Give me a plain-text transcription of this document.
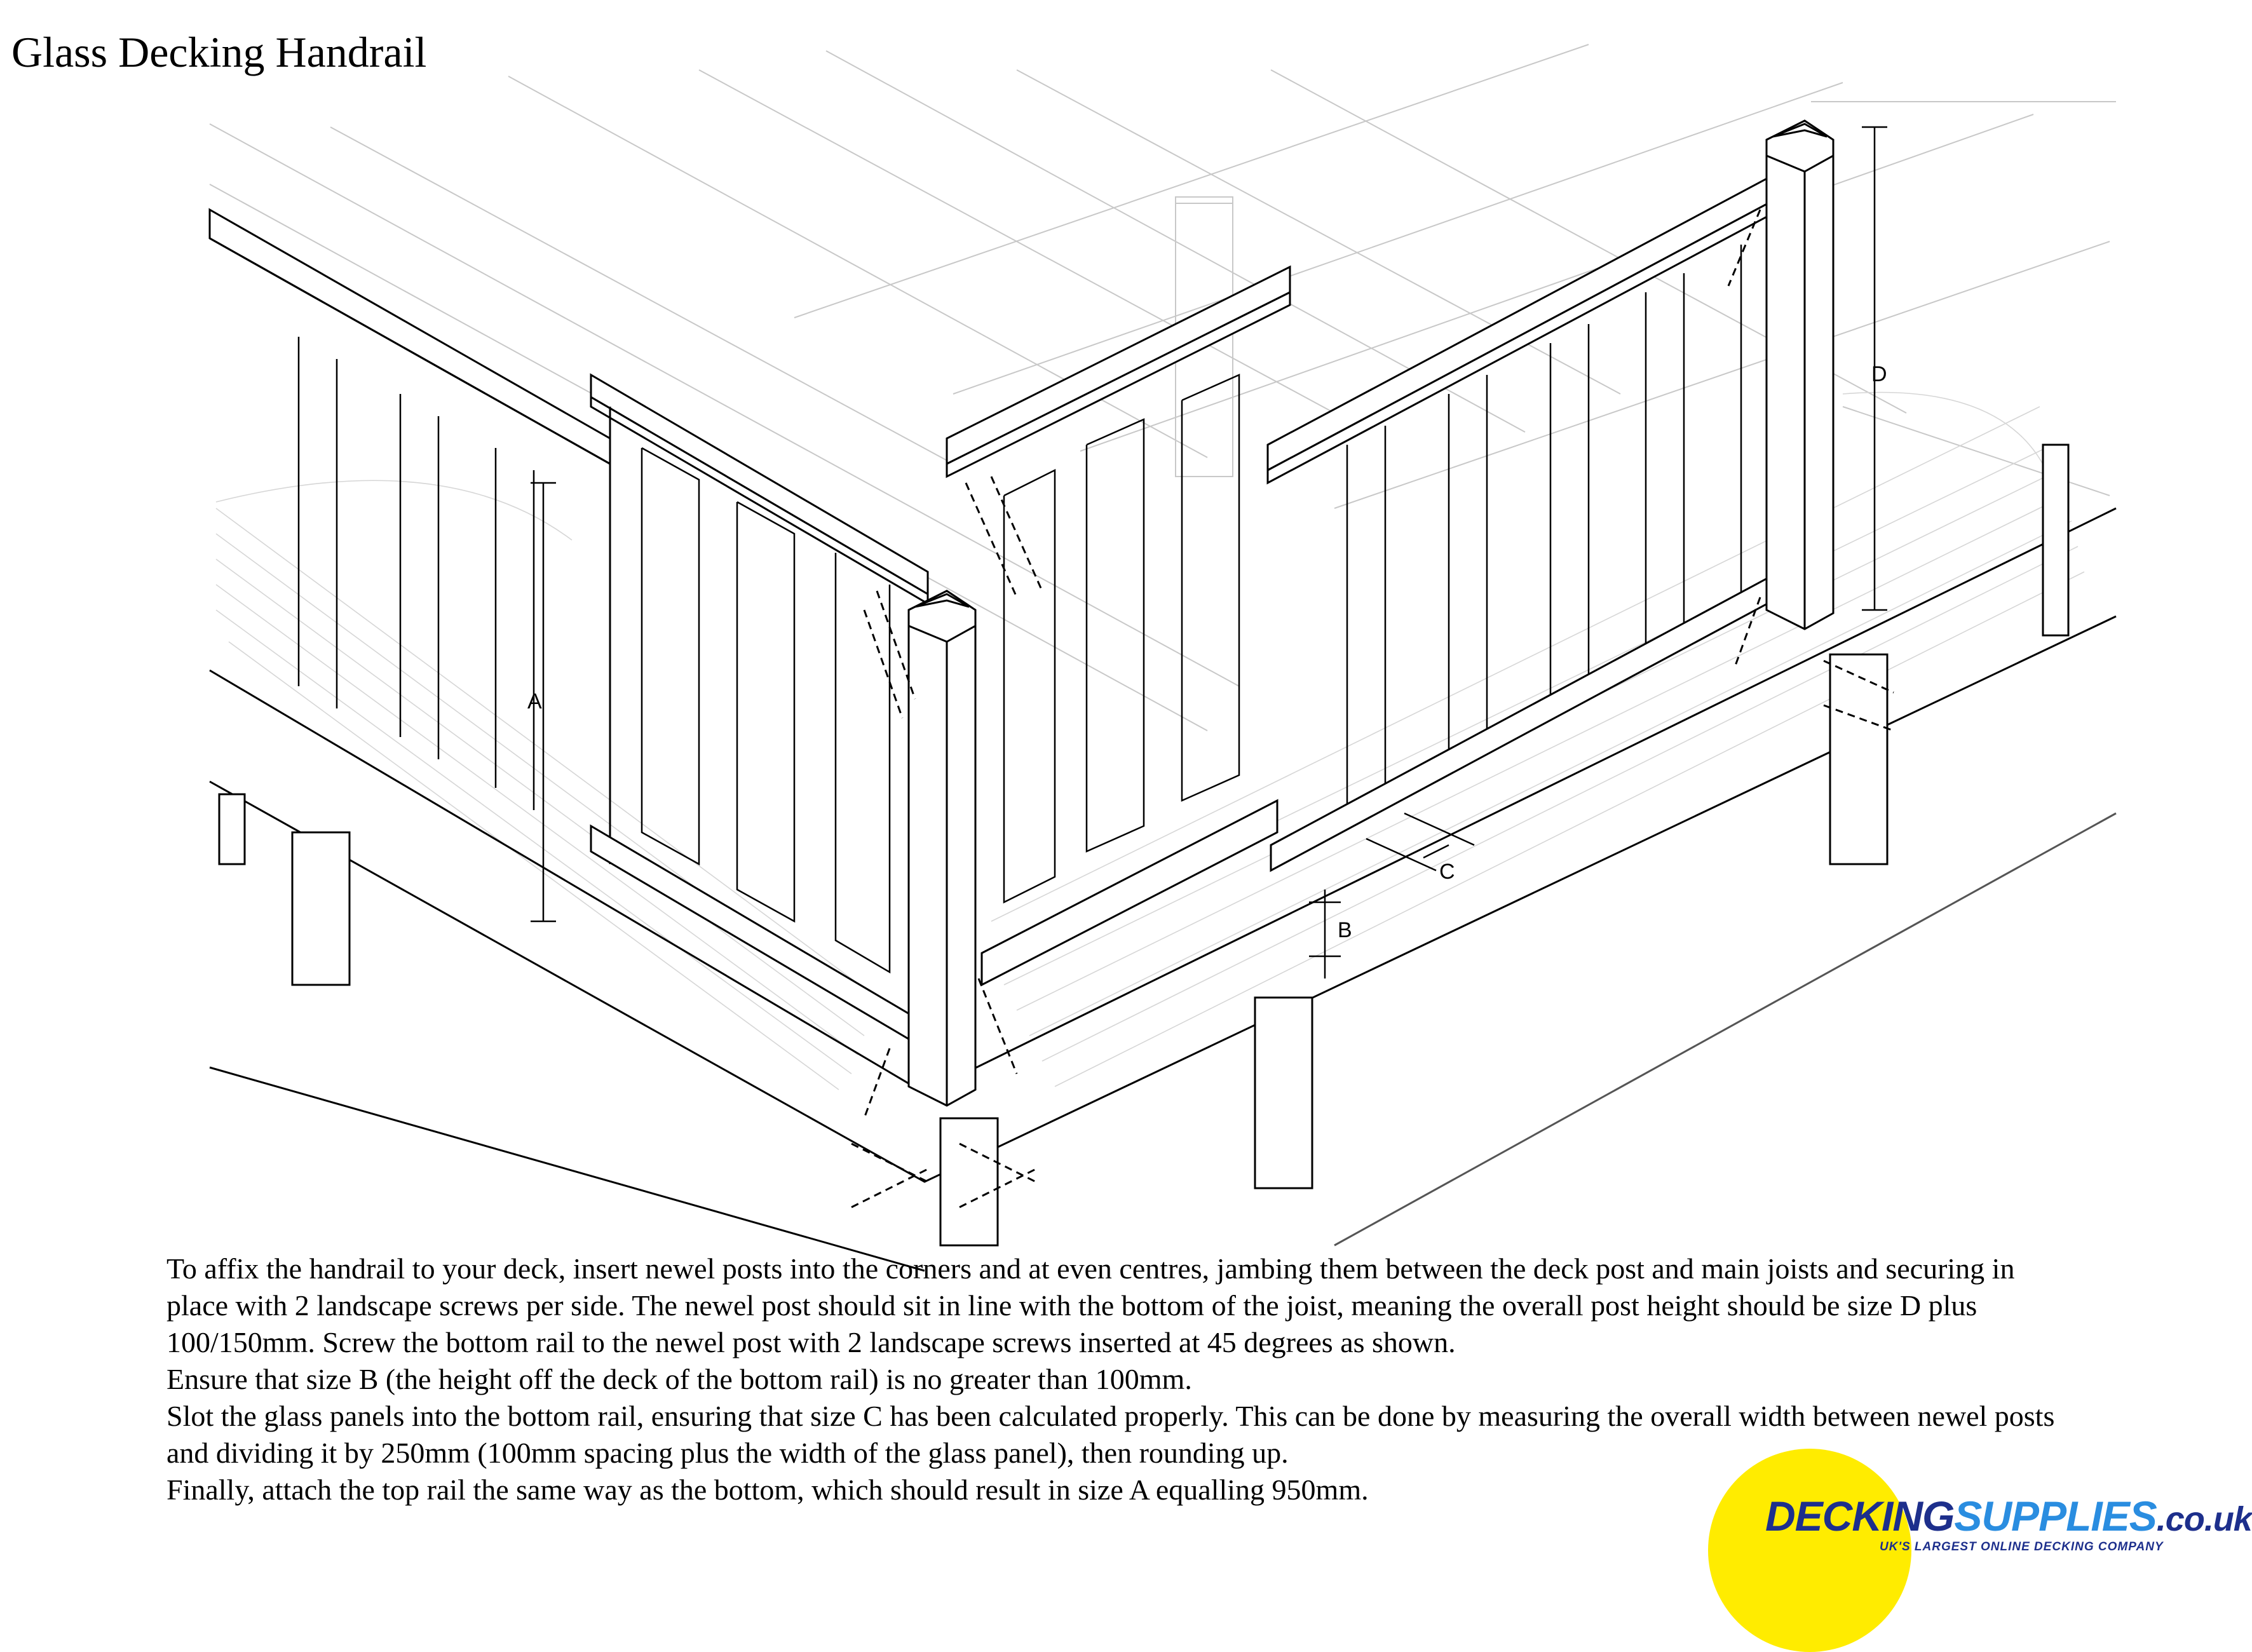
Glass Decking Handrail
A
B
C
D

To affix the handrail to your deck, insert newel posts into the corners and at even centres, jambing them between the deck post and main joists and securing in place with 2 landscape screws per side. The newel post should sit in line with the bottom of the joist, meaning the overall post height should be size D plus 100/150mm. Screw the bottom rail to the newel post with 2 landscape screws inserted at 45 degrees as shown.

Ensure that size B (the height off the deck of the bottom rail) is no greater than 100mm.

Slot the glass panels into the bottom rail, ensuring that size C has been calculated properly. This can be done by measuring the overall width between newel posts and dividing it by 250mm (100mm spacing plus the width of the glass panel), then rounding up.

Finally, attach the top rail the same way as the bottom, which should result in size A equalling 950mm.

DECKINGSUPPLIES.co.uk
UK'S LARGEST ONLINE DECKING COMPANY
